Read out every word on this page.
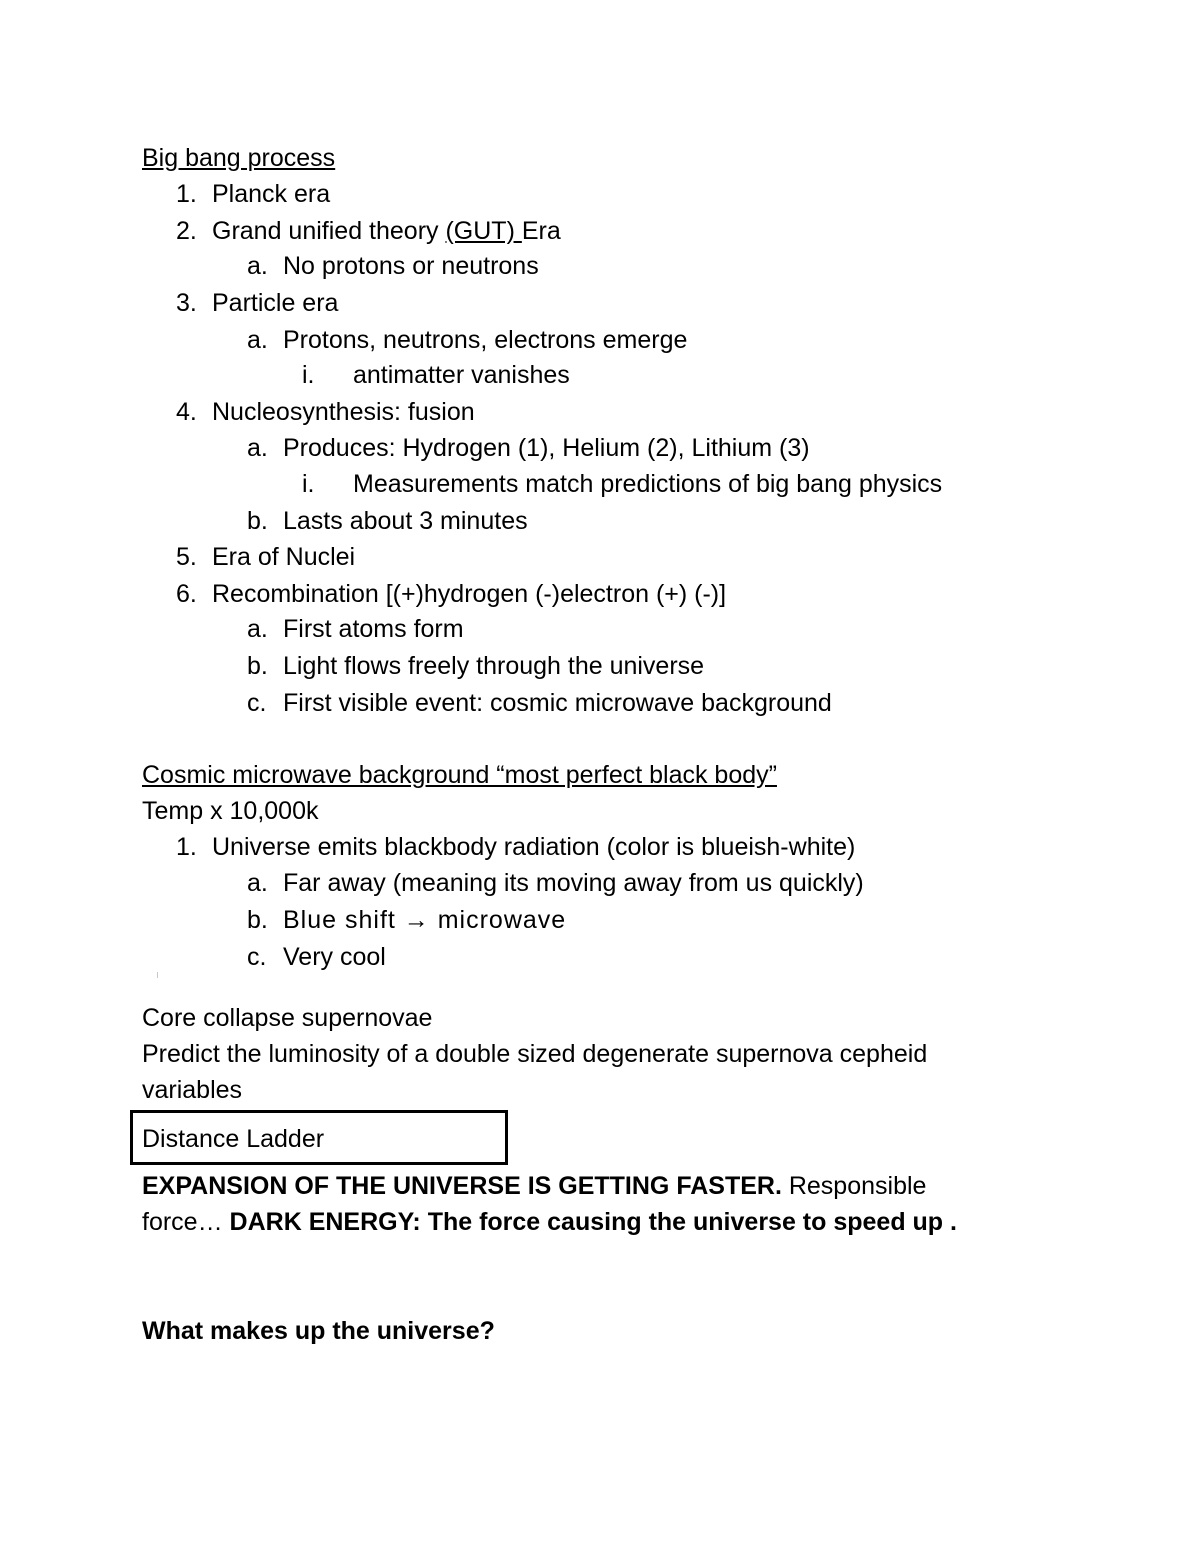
Big bang process
1. Planck era
2. Grand unified theory (GUT) Era
a. No protons or neutrons
3. Particle era
a. Protons, neutrons, electrons emerge
i. antimatter vanishes
4. Nucleosynthesis: fusion
a. Produces: Hydrogen (1), Helium (2), Lithium (3)
i. Measurements match predictions of big bang physics
b. Lasts about 3 minutes
5. Era of Nuclei
6. Recombination [(+)hydrogen (-)electron (+) (-)]
a. First atoms form
b. Light flows freely through the universe
c. First visible event: cosmic microwave background
Cosmic microwave background “most perfect black body”
Temp x 10,000k
1. Universe emits blackbody radiation (color is blueish-white)
a. Far away (meaning its moving away from us quickly)
b. Blue shift → microwave
c. Very cool
Core collapse supernovae
Predict the luminosity of a double sized degenerate supernova cepheid
variables
Distance Ladder
EXPANSION OF THE UNIVERSE IS GETTING FASTER. Responsible
force… DARK ENERGY: The force causing the universe to speed up .
What makes up the universe?
